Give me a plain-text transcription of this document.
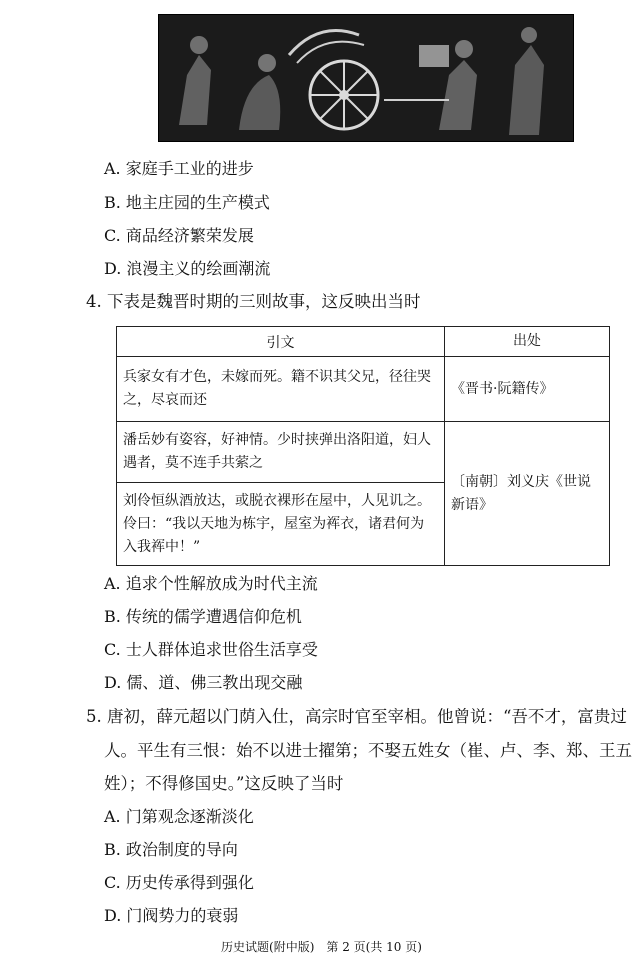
A. 家庭手工业的进步
B. 地主庄园的生产模式
C. 商品经济繁荣发展
D. 浪漫主义的绘画潮流
4. 下表是魏晋时期的三则故事，这反映出当时
引文	出处
兵家女有才色，未嫁而死。籍不识其父兄，径往哭之，尽哀而还	《晋书·阮籍传》
潘岳妙有姿容，好神情。少时挟弹出洛阳道，妇人遇者，莫不连手共萦之	〔南朝〕刘义庆《世说新语》
刘伶恒纵酒放达，或脱衣裸形在屋中，人见讥之。伶曰：“我以天地为栋宇，屋室为裈衣，诸君何为入我裈中！”	
A. 追求个性解放成为时代主流
B. 传统的儒学遭遇信仰危机
C. 士人群体追求世俗生活享受
D. 儒、道、佛三教出现交融
5. 唐初，薛元超以门荫入仕，高宗时官至宰相。他曾说：“吾不才，富贵过
人。平生有三恨：始不以进士擢第；不娶五姓女（崔、卢、李、郑、王五
姓）；不得修国史。”这反映了当时
A. 门第观念逐渐淡化
B. 政治制度的导向
C. 历史传承得到强化
D. 门阀势力的衰弱
历史试题(附中版)　第 2 页(共 10 页)
